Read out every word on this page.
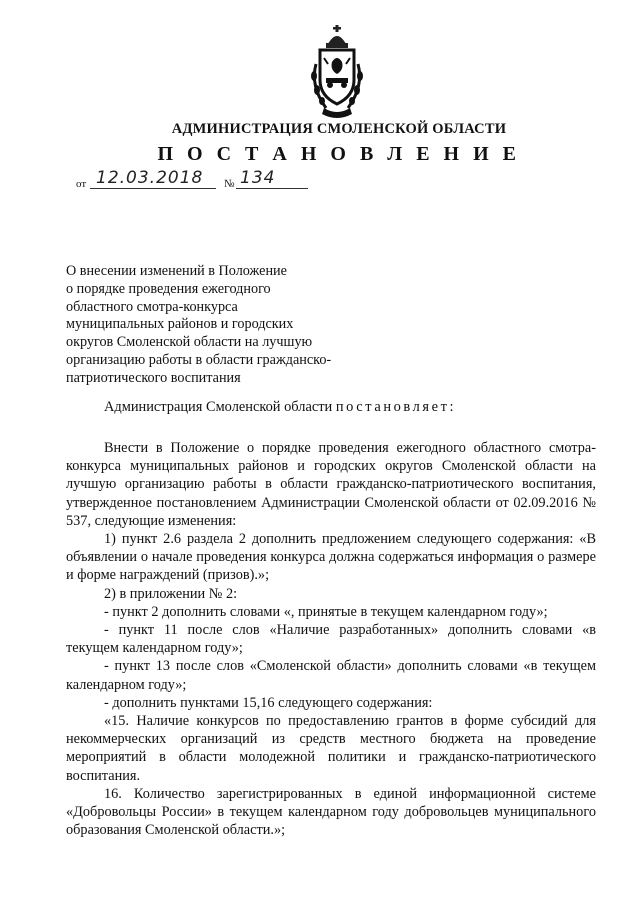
АДМИНИСТРАЦИЯ СМОЛЕНСКОЙ ОБЛАСТИ
П О С Т А Н О В Л Е Н И Е
от 12.03.2018 № 134
О внесении изменений в Положение
о порядке проведения ежегодного
областного смотра-конкурса
муниципальных районов и городских
округов Смоленской области на лучшую
организацию работы в области гражданско-
патриотического воспитания
Администрация Смоленской области постановляет:

Внести в Положение о порядке проведения ежегодного областного смотра-конкурса муниципальных районов и городских округов Смоленской области на лучшую организацию работы в области гражданско-патриотического воспитания, утвержденное постановлением Администрации Смоленской области от 02.09.2016 № 537, следующие изменения:

1) пункт 2.6 раздела 2 дополнить предложением следующего содержания: «В объявлении о начале проведения конкурса должна содержаться информация о размере и форме награждений (призов).»;

2) в приложении № 2:

- пункт 2 дополнить словами «, принятые в текущем календарном году»;

- пункт 11 после слов «Наличие разработанных» дополнить словами «в текущем календарном году»;

- пункт 13 после слов «Смоленской области» дополнить словами «в текущем календарном году»;

- дополнить пунктами 15,16 следующего содержания:

«15. Наличие конкурсов по предоставлению грантов в форме субсидий для некоммерческих организаций из средств местного бюджета на проведение мероприятий в области молодежной политики и гражданско-патриотического воспитания.

16. Количество зарегистрированных в единой информационной системе «Добровольцы России» в текущем календарном году добровольцев муниципального образования Смоленской области.»;
